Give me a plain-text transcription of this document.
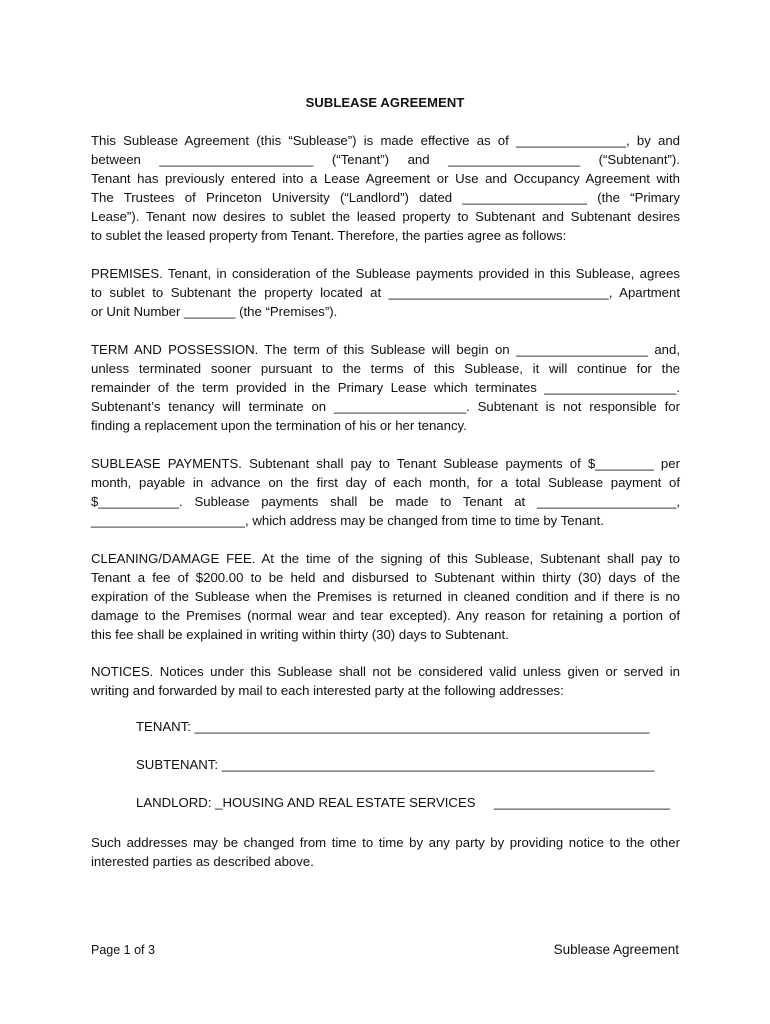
SUBLEASE AGREEMENT
This Sublease Agreement (this “Sublease”) is made effective as of _______________, by and
between _____________________ (“Tenant”) and __________________ (“Subtenant”).
Tenant has previously entered into a Lease Agreement or Use and Occupancy Agreement with
The Trustees of Princeton University (“Landlord”) dated _________________ (the “Primary
Lease”). Tenant now desires to sublet the leased property to Subtenant and Subtenant desires
to sublet the leased property from Tenant. Therefore, the parties agree as follows:
PREMISES. Tenant, in consideration of the Sublease payments provided in this Sublease, agrees
to sublet to Subtenant the property located at ______________________________, Apartment
or Unit Number _______ (the “Premises”).
TERM AND POSSESSION. The term of this Sublease will begin on __________________ and,
unless terminated sooner pursuant to the terms of this Sublease, it will continue for the
remainder of the term provided in the Primary Lease which terminates __________________.
Subtenant’s tenancy will terminate on __________________. Subtenant is not responsible for
finding a replacement upon the termination of his or her tenancy.
SUBLEASE PAYMENTS. Subtenant shall pay to Tenant Sublease payments of $________ per
month, payable in advance on the first day of each month, for a total Sublease payment of
$___________. Sublease payments shall be made to Tenant at ___________________,
_____________________, which address may be changed from time to time by Tenant.
CLEANING/DAMAGE FEE. At the time of the signing of this Sublease, Subtenant shall pay to
Tenant a fee of $200.00 to be held and disbursed to Subtenant within thirty (30) days of the
expiration of the Sublease when the Premises is returned in cleaned condition and if there is no
damage to the Premises (normal wear and tear excepted). Any reason for retaining a portion of
this fee shall be explained in writing within thirty (30) days to Subtenant.
NOTICES. Notices under this Sublease shall not be considered valid unless given or served in
writing and forwarded by mail to each interested party at the following addresses:
TENANT: ______________________________________________________________
SUBTENANT: ___________________________________________________________
LANDLORD: _HOUSING AND REAL ESTATE SERVICES     ________________________
Such addresses may be changed from time to time by any party by providing notice to the other
interested parties as described above.
Page 1 of 3	Sublease Agreement
